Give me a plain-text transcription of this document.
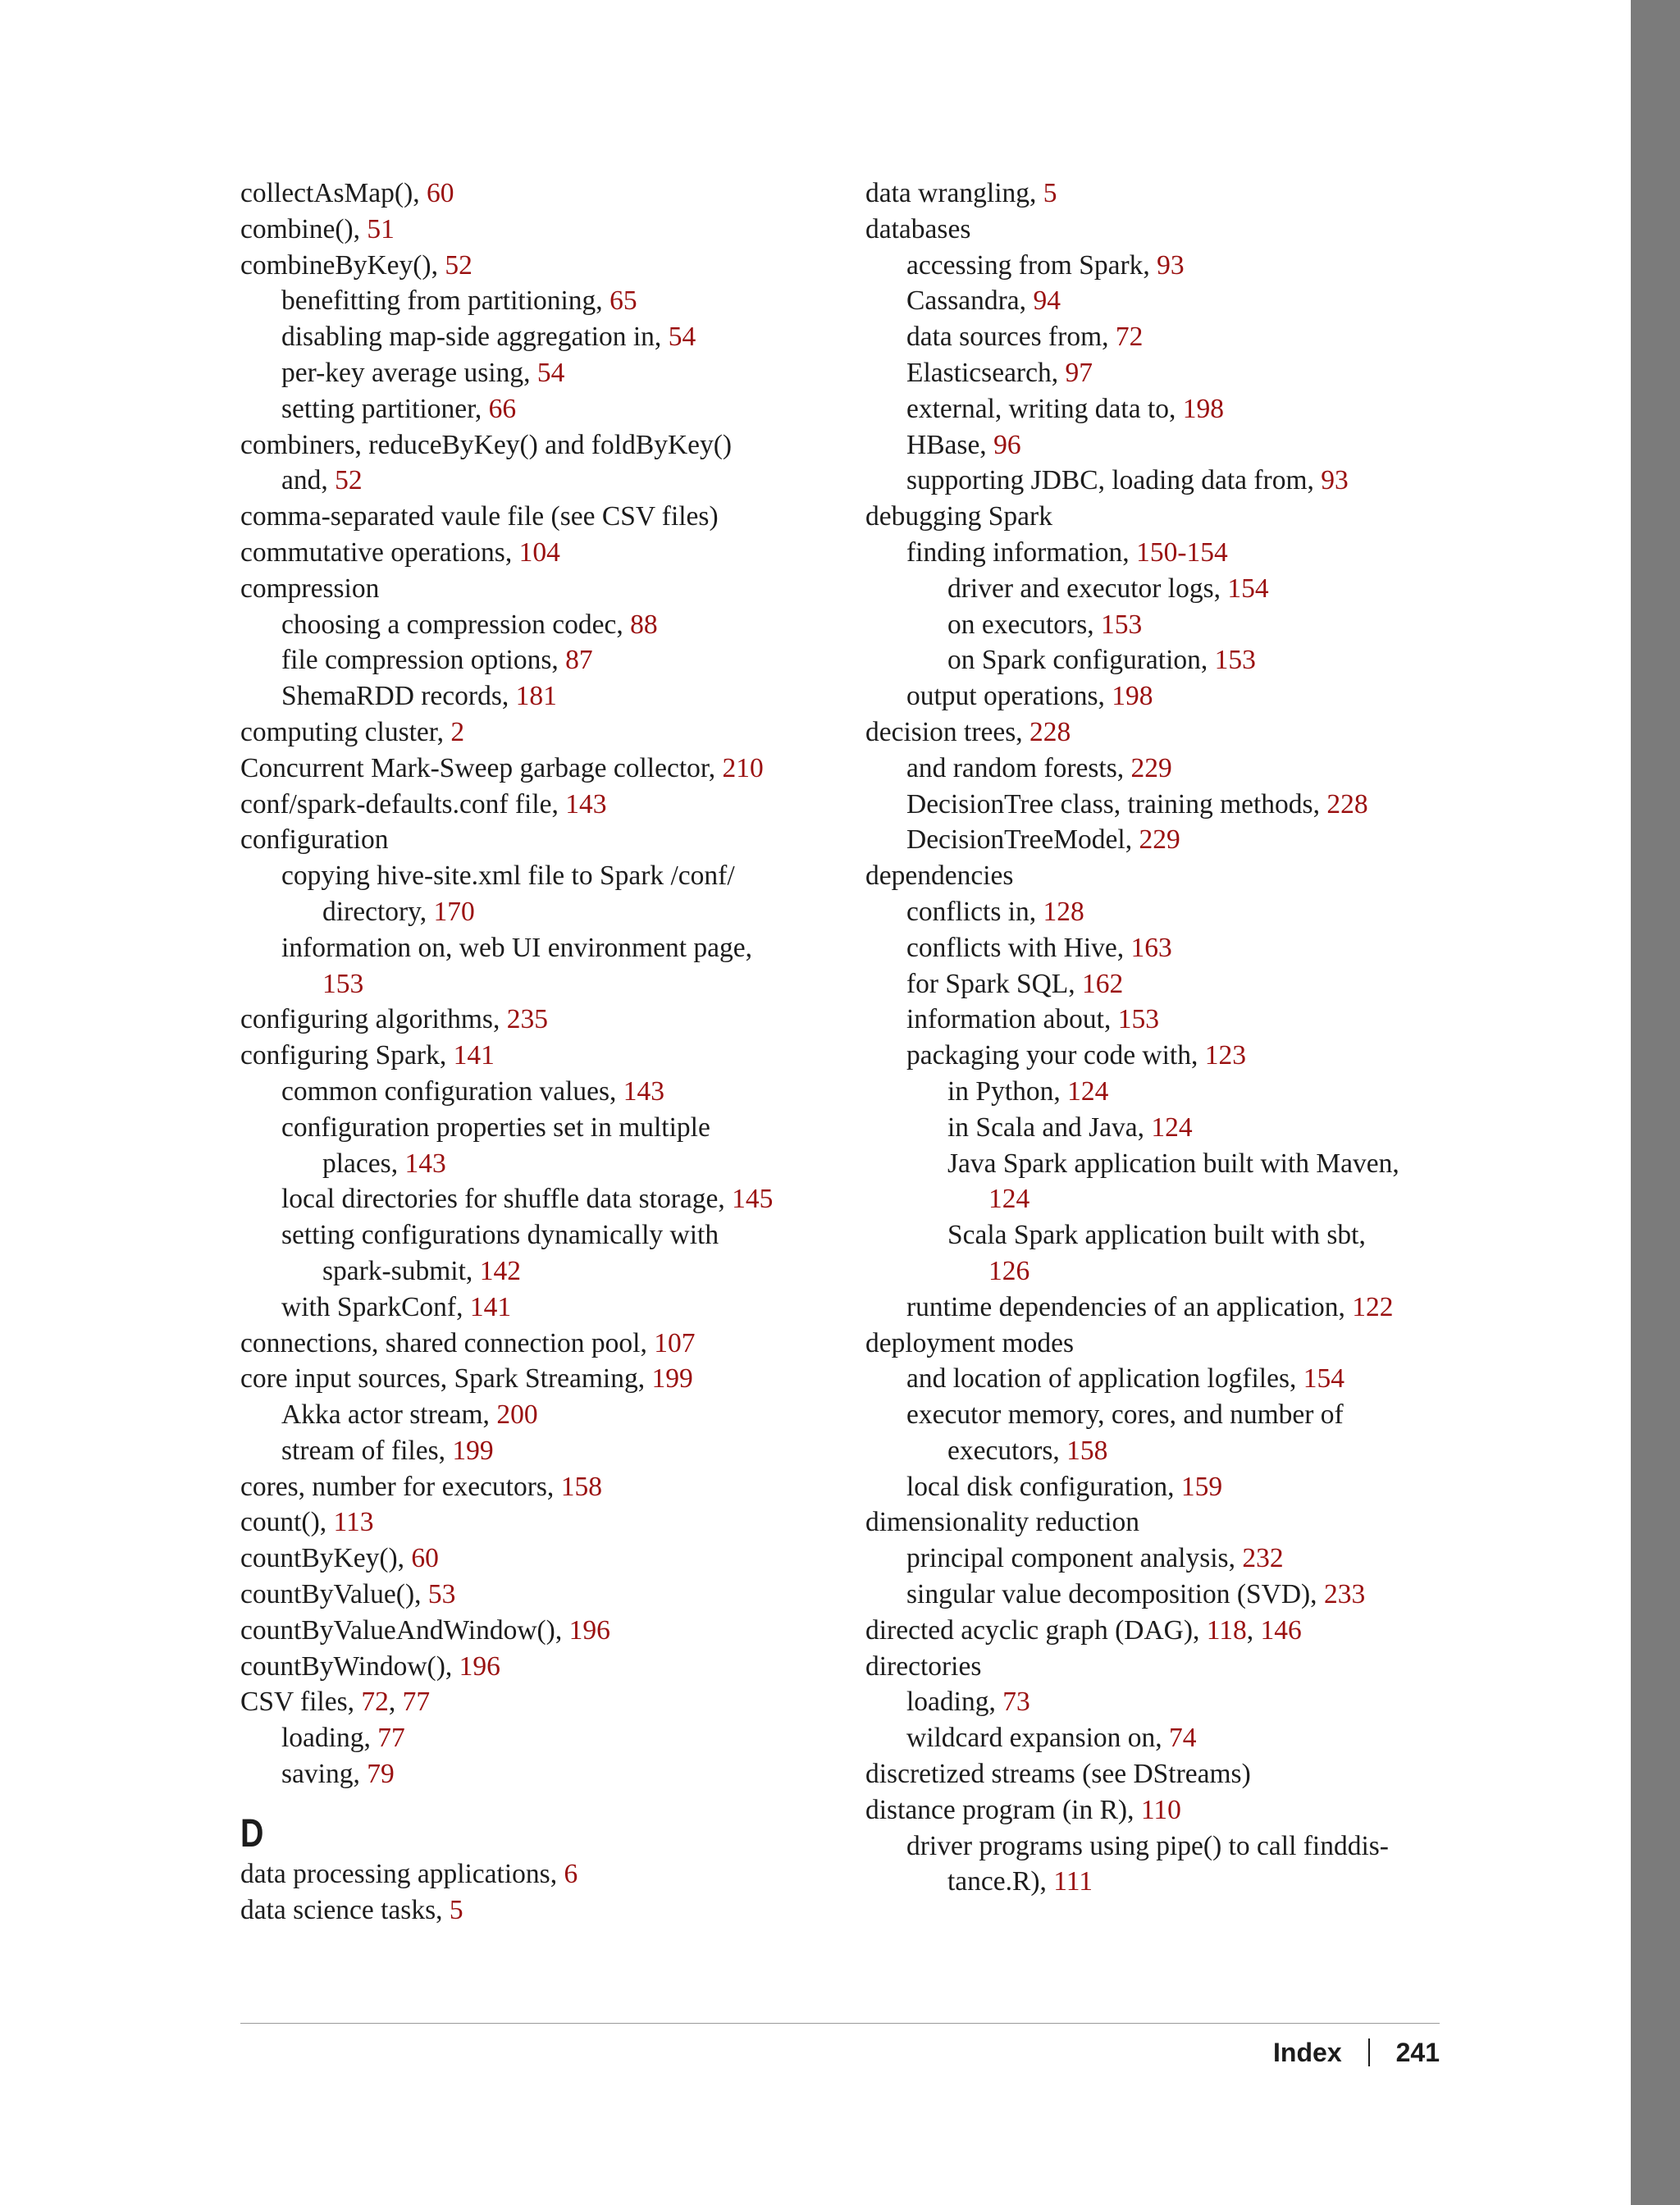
collectAsMap(), 60
combine(), 51
combineByKey(), 52
benefitting from partitioning, 65
disabling map-side aggregation in, 54
per-key average using, 54
setting partitioner, 66
combiners, reduceByKey() and foldByKey()
and, 52
comma-separated vaule file (see CSV files)
commutative operations, 104
compression
choosing a compression codec, 88
file compression options, 87
ShemaRDD records, 181
computing cluster, 2
Concurrent Mark-Sweep garbage collector, 210
conf/spark-defaults.conf file, 143
configuration
copying hive-site.xml file to Spark /conf/
directory, 170
information on, web UI environment page,
153
configuring algorithms, 235
configuring Spark, 141
common configuration values, 143
configuration properties set in multiple
places, 143
local directories for shuffle data storage, 145
setting configurations dynamically with
spark-submit, 142
with SparkConf, 141
connections, shared connection pool, 107
core input sources, Spark Streaming, 199
Akka actor stream, 200
stream of files, 199
cores, number for executors, 158
count(), 113
countByKey(), 60
countByValue(), 53
countByValueAndWindow(), 196
countByWindow(), 196
CSV files, 72, 77
loading, 77
saving, 79
D
data processing applications, 6
data science tasks, 5
data wrangling, 5
databases
accessing from Spark, 93
Cassandra, 94
data sources from, 72
Elasticsearch, 97
external, writing data to, 198
HBase, 96
supporting JDBC, loading data from, 93
debugging Spark
finding information, 150-154
driver and executor logs, 154
on executors, 153
on Spark configuration, 153
output operations, 198
decision trees, 228
and random forests, 229
DecisionTree class, training methods, 228
DecisionTreeModel, 229
dependencies
conflicts in, 128
conflicts with Hive, 163
for Spark SQL, 162
information about, 153
packaging your code with, 123
in Python, 124
in Scala and Java, 124
Java Spark application built with Maven,
124
Scala Spark application built with sbt,
126
runtime dependencies of an application, 122
deployment modes
and location of application logfiles, 154
executor memory, cores, and number of
executors, 158
local disk configuration, 159
dimensionality reduction
principal component analysis, 232
singular value decomposition (SVD), 233
directed acyclic graph (DAG), 118, 146
directories
loading, 73
wildcard expansion on, 74
discretized streams (see DStreams)
distance program (in R), 110
driver programs using pipe() to call finddis-
tance.R), 111
Index 241
